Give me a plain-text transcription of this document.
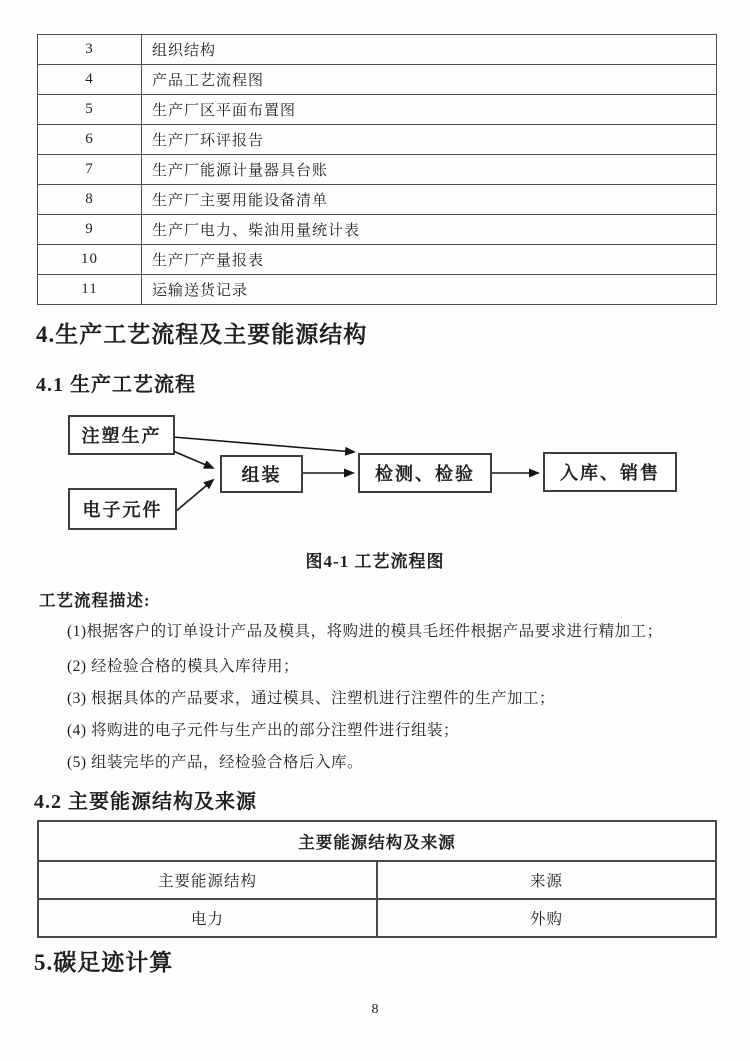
3	组织结构
4	产品工艺流程图
5	生产厂区平面布置图
6	生产厂环评报告
7	生产厂能源计量器具台账
8	生产厂主要用能设备清单
9	生产厂电力、柴油用量统计表
10	生产厂产量报表
11	运输送货记录
4.生产工艺流程及主要能源结构
4.1 生产工艺流程
注塑生产
电子元件
组装	检测、检验	入库、销售
图4-1 工艺流程图
工艺流程描述:
(1)根据客户的订单设计产品及模具，将购进的模具毛坯件根据产品要求进行精加工；
(2) 经检验合格的模具入库待用；
(3) 根据具体的产品要求，通过模具、注塑机进行注塑件的生产加工；
(4) 将购进的电子元件与生产出的部分注塑件进行组装；
(5) 组装完毕的产品，经检验合格后入库。
4.2 主要能源结构及来源
主要能源结构及来源	
主要能源结构	来源
电力	外购
5.碳足迹计算
8
